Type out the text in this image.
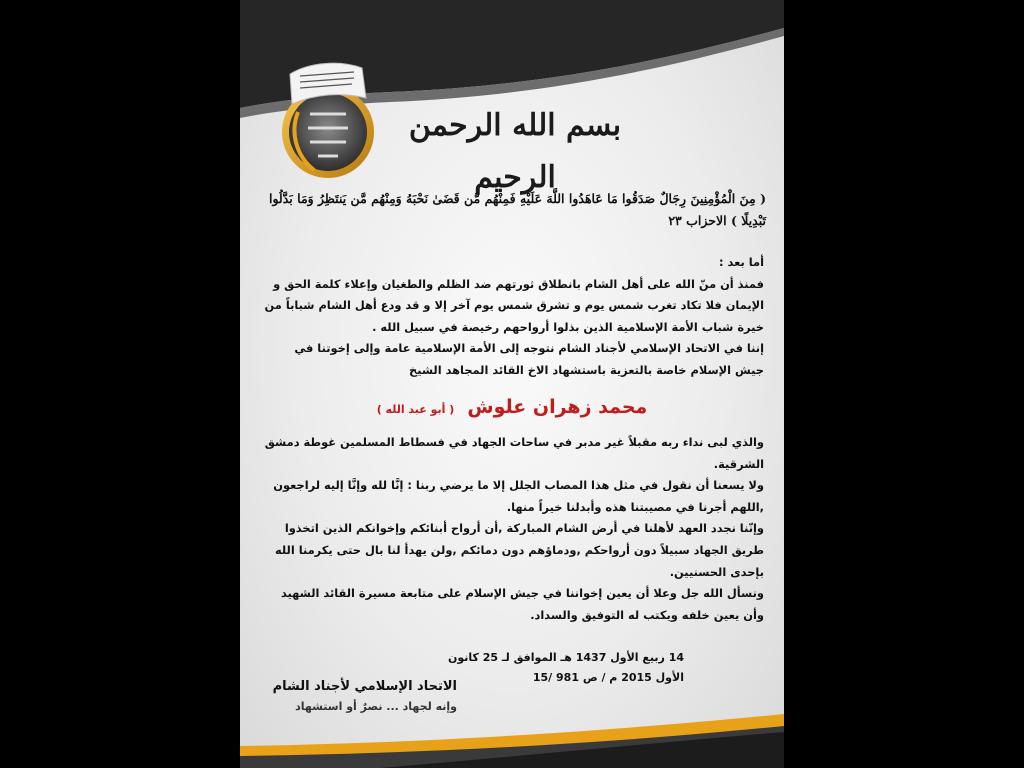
بسم الله الرحمن الرحيم
( مِنَ الْمُؤْمِنِينَ رِجَالٌ صَدَقُوا مَا عَاهَدُوا اللَّهَ عَلَيْهِ فَمِنْهُم مَّن قَضَىٰ نَحْبَهُ وَمِنْهُم مَّن يَنتَظِرُ وَمَا بَدَّلُوا تَبْدِيلًا ) الاحزاب ٢٣

أما بعد :

فمنذ أن منّ الله على أهل الشام بانطلاق ثورتهم ضد الظلم والطغيان وإعلاء كلمة الحق و الإيمان فلا تكاد تغرب شمس يوم و تشرق شمس يوم آخر إلا و قد ودع أهل الشام شباباً من خيرة شباب الأمة الإسلامية الذين بذلوا أرواحهم رخيصة في سبيل الله .

إننا في الاتحاد الإسلامي لأجناد الشام نتوجه إلى الأمة الإسلامية عامة وإلى إخوتنا في جيش الإسلام خاصة بالتعزية باستشهاد الاخ القائد المجاهد الشيخ

محمد زهران علوش ( أبو عبد الله )

والذي لبى نداء ربه مقبلاً غير مدبر في ساحات الجهاد في فسطاط المسلمين غوطة دمشق الشرقية.

ولا يسعنا أن نقول في مثل هذا المصاب الجلل إلا ما يرضي ربنا : إنَّا لله وإنَّا إليه لراجعون ,اللهم أجرنا في مصيبتنا هذه وأبدلنا خيراً منها.

وإنّنا نجدد العهد لأهلنا في أرض الشام المباركة ,أن أرواح أبنائكم وإخوانكم الذين اتخذوا طريق الجهاد سبيلاً دون أرواحكم ,ودماؤهم دون دمائكم ,ولن يهدأ لنا بال حتى يكرمنا الله بإحدى الحسنيين.

ونسأل الله جل وعلا أن يعين إخواننا في جيش الإسلام على متابعة مسيرة القائد الشهيد وأن يعين خلفه ويكتب له التوفيق والسداد.

14 ربيع الأول 1437 هـ الموافق لـ 25 كانون الأول 2015 م / ص 981 /15
الاتحاد الإسلامي لأجناد الشام
وإنه لجهاد ... نصرٌ أو استشهاد
